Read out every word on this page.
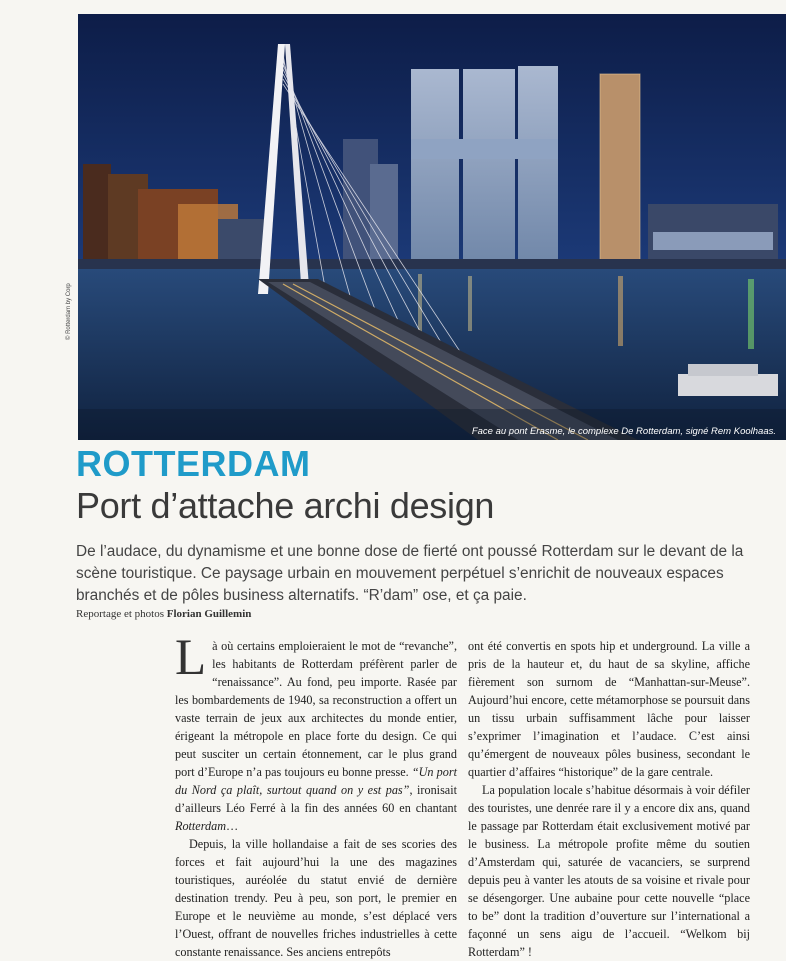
Face au pont Erasme, le complexe De Rotterdam, signé Rem Koolhaas.
© Rotterdam by Corp
ROTTERDAM
Port d’attache archi design
De l’audace, du dynamisme et une bonne dose de fierté ont poussé Rotterdam sur le devant de la scène touristique. Ce paysage urbain en mouvement perpétuel s’enrichit de nouveaux espaces branchés et de pôles business alternatifs. “R’dam” ose, et ça paie.
Reportage et photos Florian Guillemin

Là où certains emploieraient le mot de “revanche”, les habitants de Rotterdam préfèrent parler de “renaissance”. Au fond, peu importe. Rasée par les bombardements de 1940, sa reconstruction a offert un vaste terrain de jeux aux architectes du monde entier, érigeant la métropole en place forte du design. Ce qui peut susciter un certain étonnement, car le plus grand port d’Europe n’a pas toujours eu bonne presse. “Un port du Nord ça plaît, surtout quand on y est pas”, ironisait d’ailleurs Léo Ferré à la fin des années 60 en chantant Rotterdam…

Depuis, la ville hollandaise a fait de ses scories des forces et fait aujourd’hui la une des magazines touristiques, auréolée du statut envié de dernière destination trendy. Peu à peu, son port, le premier en Europe et le neuvième au monde, s’est déplacé vers l’Ouest, offrant de nouvelles friches industrielles à cette constante renaissance. Ses anciens entrepôts

ont été convertis en spots hip et underground. La ville a pris de la hauteur et, du haut de sa skyline, affiche fièrement son surnom de “Manhattan-sur-Meuse”. Aujourd’hui encore, cette métamorphose se poursuit dans un tissu urbain suffisamment lâche pour laisser s’exprimer l’imagination et l’audace. C’est ainsi qu’émergent de nouveaux pôles business, secondant le quartier d’affaires “historique” de la gare centrale.

La population locale s’habitue désormais à voir défiler des touristes, une denrée rare il y a encore dix ans, quand le passage par Rotterdam était exclusivement motivé par le business. La métropole profite même du soutien d’Amsterdam qui, saturée de vacanciers, se surprend depuis peu à vanter les atouts de sa voisine et rivale pour se désengorger. Une aubaine pour cette nouvelle “place to be” dont la tradition d’ouverture sur l’international a façonné un sens aigu de l’accueil. “Welkom bij Rotterdam” !
